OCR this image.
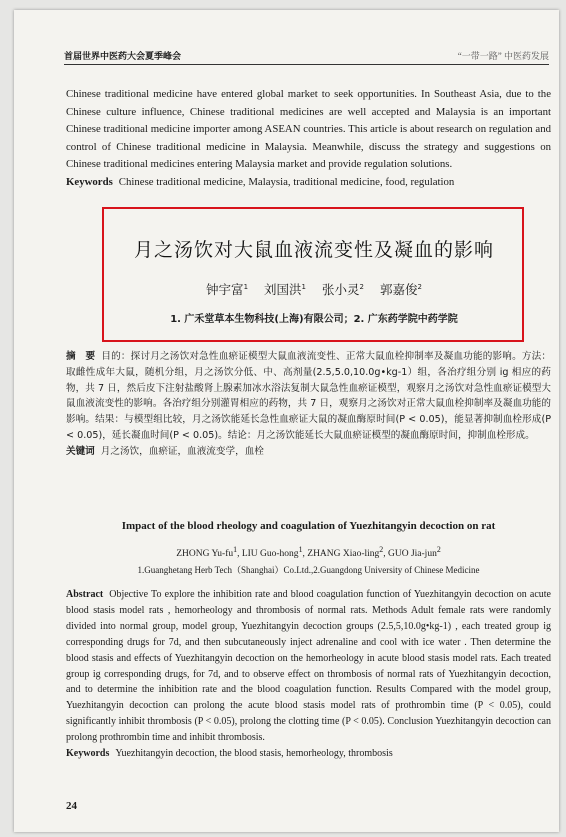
首届世界中医药大会夏季峰会	“一带一路” 中医药发展

Chinese traditional medicine have entered global market to seek opportunities. In Southeast Asia, due to the Chinese culture influence, Chinese traditional medicines are well accepted and Malaysia is an important Chinese traditional medicine importer among ASEAN countries. This article is about research on regulation and control of Chinese traditional medicine in Malaysia. Meanwhile, discuss the strategy and suggestions on Chinese traditional medicines entering Malaysia market and provide regulation solutions.

Keywords Chinese traditional medicine, Malaysia, traditional medicine, food, regulation

月之汤饮对大鼠血液流变性及凝血的影响
钟宇富$^1$ 刘国洪$^1$ 张小灵$^2$ 郭嘉俊$^2$
1. 广禾堂草本生物科技(上海)有限公司；2. 广东药学院中药学院

摘　要 目的：探讨月之汤饮对急性血瘀证模型大鼠血液流变性、正常大鼠血栓抑制率及凝血功能的影响。方法：取雌性成年大鼠，随机分组，月之汤饮分低、中、高剂量(2.5,5.0,10.0g•kg-1）组，各治疗组分别 ig 相应的药物，共 7 日，然后皮下注射盐酸肾上腺素加冰水浴法复制大鼠急性血瘀证模型，观察月之汤饮对急性血瘀证模型大鼠血液流变性的影响。各治疗组分别灌胃相应的药物，共 7 日，观察月之汤饮对正常大鼠血栓抑制率及凝血功能的影响。结果：与模型组比较，月之汤饮能延长急性血瘀证大鼠的凝血酶原时间(P < 0.05)，能显著抑制血栓形成(P < 0.05)，延长凝血时间(P < 0.05)。结论：月之汤饮能延长大鼠血瘀证模型的凝血酶原时间，抑制血栓形成。

关键词 月之汤饮，血瘀证，血液流变学，血栓

Impact of the blood rheology and coagulation of Yuezhitangyin decoction on rat
ZHONG $Yu-fu^1$, LIU Guo-hong$^1$, ZHANG Xiao-ling$^2$, GUO Jia-jun$^2$
1.Guanghetang Herb Tech（Shanghai）Co.Ltd.,2.Guangdong University of Chinese Medicine

Abstract Objective To explore the inhibition rate and blood coagulation function of Yuezhitangyin decoction on acute blood stasis model rats , hemorheology and thrombosis of normal rats. Methods Adult female rats were randomly divided into normal group, model group, Yuezhitangyin decoction groups (2.5,5,10.0g•kg-1) , each treated group ig corresponding drugs for 7d, and then subcutaneously inject adrenaline and cool with ice water . Then determine the blood stasis and effects of Yuezhitangyin decoction on the hemorheology in acute blood stasis model rats. Each treated group ig corresponding drugs, for 7d, and to observe effect on thrombosis of normal rats of Yuezhitangyin decoction, and to determine the inhibition rate and the blood coagulation function. Results Compared with the model group, Yuezhitangyin decoction can prolong the acute blood stasis model rats of prothrombin time (P < 0.05), could significantly inhibit thrombosis (P < 0.05), prolong the clotting time (P < 0.05). Conclusion Yuezhitangyin decoction can prolong prothrombin time and inhibit thrombosis.

Keywords Yuezhitangyin decoction, the blood stasis, hemorheology, thrombosis

24
